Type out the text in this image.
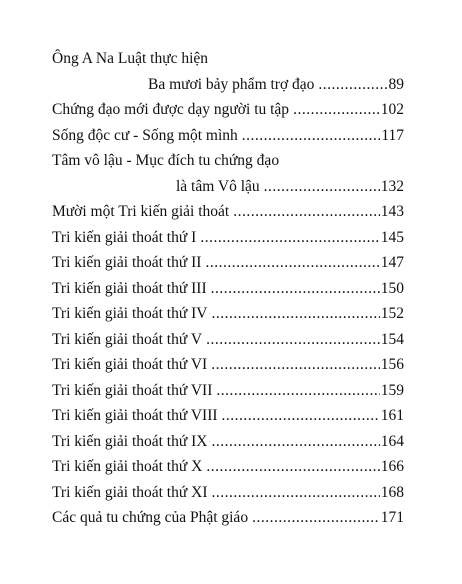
Ông A Na Luật thực hiện
Ba mươi bảy phẩm trợ đạo .....	89
Chứng đạo mới được dạy người tu tập .....	102
Sống độc cư - Sống một mình .....	117
Tâm vô lậu - Mục đích tu chứng đạo
là tâm Vô lậu .....	132
Mười một Tri kiến giải thoát .....	143
Tri kiến giải thoát thứ I .....	145
Tri kiến giải thoát thứ II .....	147
Tri kiến giải thoát thứ III .....	150
Tri kiến giải thoát thứ IV .....	152
Tri kiến giải thoát thứ V .....	154
Tri kiến giải thoát thứ VI .....	156
Tri kiến giải thoát thứ VII .....	159
Tri kiến giải thoát thứ VIII .....	161
Tri kiến giải thoát thứ IX .....	164
Tri kiến giải thoát thứ X .....	166
Tri kiến giải thoát thứ XI .....	168
Các quả tu chứng của Phật giáo .....	171
